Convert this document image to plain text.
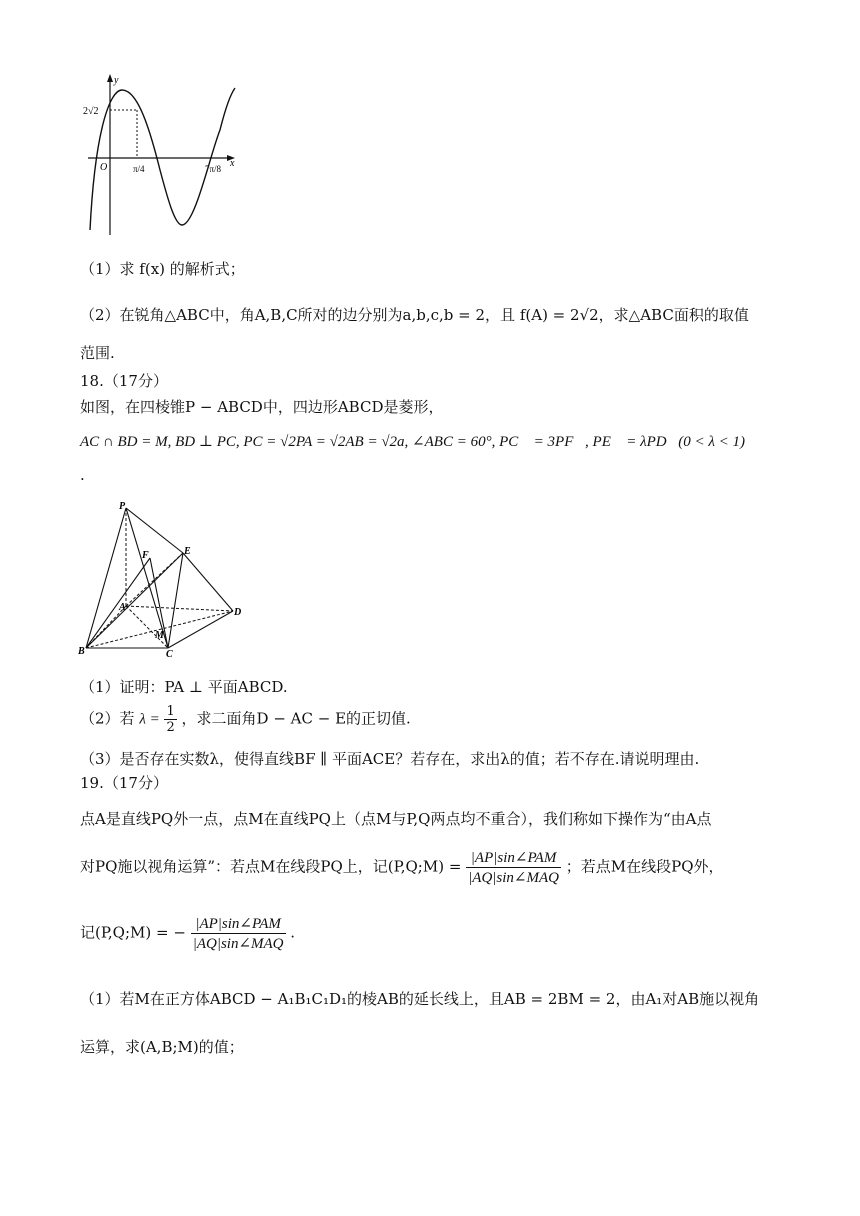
y
x
O
2√2
π/4	7π/8
（1）求 f(x) 的解析式；
（2）在锐角△ABC中，角A,B,C所对的边分别为a,b,c,b = 2，且 f(A) = 2√2，求△ABC面积的取值
范围.
18.（17分）
如图，在四棱锥P − ABCD中，四边形ABCD是菱形，
AC ∩ BD = M, BD ⊥ PC, PC = √2PA = √2AB = √2a, ∠ABC = 60°, PC⃗ = 3PF⃗, PE⃗ = λPD⃗(0 < λ < 1)
.
P
F	E
A	D
M
B	C
（1）证明：PA ⊥ 平面ABCD.
（2）若 $\lambda = \frac{1}{2}$ ，求二面角D − AC − E的正切值.
（3）是否存在实数λ，使得直线BF ∥ 平面ACE？若存在，求出λ的值；若不存在.请说明理由.
19.（17分）
点A是直线PQ外一点，点M在直线PQ上（点M与P,Q两点均不重合），我们称如下操作为“由A点
对PQ施以视角运算”：若点M在线段PQ上，记(P,Q;M) = $\frac{\text{|AP|sin∠PAM}}{\text{|AQ|sin∠MAQ}}$ ；若点M在线段PQ外，
记(P,Q;M) = − $\frac{\text{|AP|sin∠PAM}}{\text{|AQ|sin∠MAQ}}$ .
（1）若M在正方体ABCD − A₁B₁C₁D₁的棱AB的延长线上，且AB = 2BM = 2，由A₁对AB施以视角
运算，求(A,B;M)的值；
